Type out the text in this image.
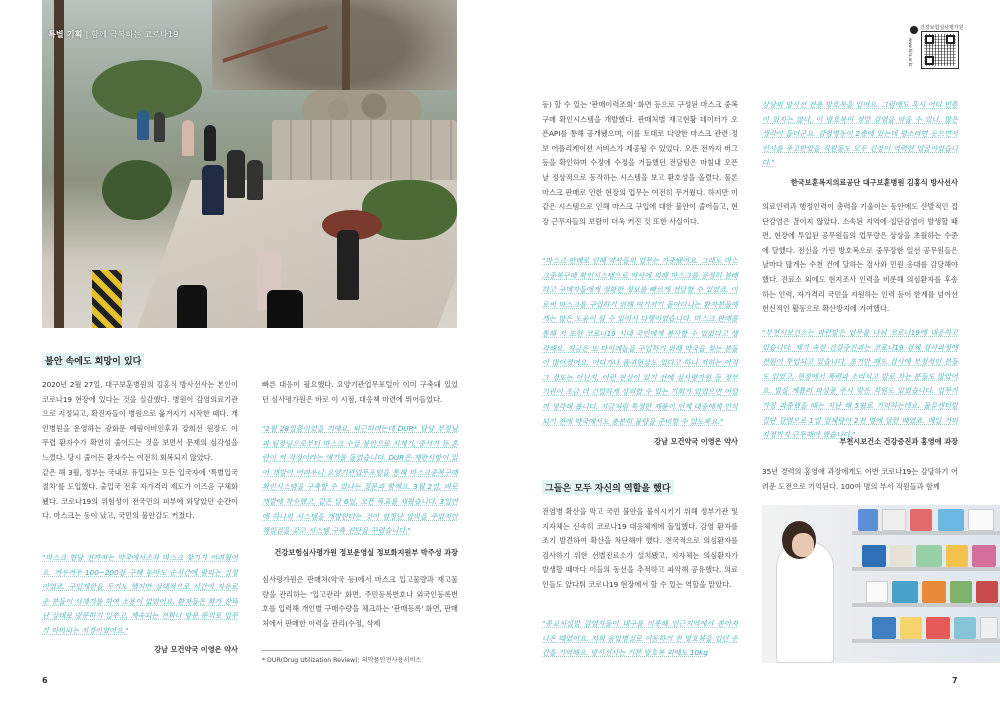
특별 기획 | 함께 극복하는 코로나19
불안 속에도 희망이 있다

2020년 2월 27일, 대구보훈병원의 김홍식 방사선사는 본인이 코로나19 현장에 있다는 것을 실감했다. 병원이 감염의료기관으로 지정되고, 확진자들이 병원으로 옮겨지기 시작한 때다. 개인병원을 운영하는 광화문 예림이비인후과 강희선 원장도 이 무렵 환자수가 확연히 줄어드는 것을 보면서 문제의 심각성을 느꼈다. 당시 줄어든 환자수는 여전히 회복되지 않았다.

같은 해 3월, 정부는 국내로 유입되는 모든 입국자에 '특별입국절차'를 도입했다. 출입국 전후 자가격리 제도가 이즈음 구체화 됐다. 코로나19의 위험성이 전국민의 피부에 와닿았던 순간이다. 마스크는 동이 났고, 국민의 불안감도 커졌다.

"마스크 협당 전까지는 약국에서조차 마스크 찾기가 어려웠어요. 겨우겨우 100~200장 구해 놓아도 순식간에 팔리는 실정이었죠. 구입제한을 두기도 했지만 상대적으로 시간이 자유로운 분들이 사재기를 하여 소용이 없었어요. 환자들은 화가 잔뜩 난 상태로 방문하기 일쑤고, 계속되는 전화나 방문 문의로 업무가 마비되는 지경이었어요."
강남 모건약국 이영은 약사
빠른 대응이 필요했다. 요양기관업무포털이 이미 구축돼 있었던 심사평가원은 바로 이 시점, 대응책 마련에 뛰어들었다.
"2월 28일쯤이었을 거예요. 퇴근하려는데 DUR* 담당 부장님과 팀장님으로부터 마스크 수급 불안으로 시재기, 중서기 등 혼란이 커 걱정이라는 얘기를 들었습니다. DUR은 제한사항이 있어 개발이 어려우니 요양기관업무포털을 통해 마스크중복구매 확인시스템을 구축할 수 있냐는 질문과 함께요. 3월 2일, 바로 개발에 착수했고, 같은 달 6일, 오픈 목표를 세웠습니다. 3일만에 하나의 시스템을 개발한다는 것이 엄청난 압박을 주었지만 책임감을 갖고 시스템 구축 진단을 꾸렸습니다."
건강보험심사평가원 정보운영실 정보화지원부 박주성 과장
심사평가원은 판매처(약국 등)에서 마스크 입고물량과 재고물량을 관리하는 '입고관리' 화면, 주민등록번호나 외국인등록번호를 입력해 개인별 구매수량을 체크하는 '판매등록' 화면, 판매처에서 판매한 이력을 관리(수정, 삭제
* DUR(Drug Utilization Review): 의약품안전사용서비스
6
건강보험심사평가원
www.hira.or.kr
등) 할 수 있는 '판매이력조회' 화면 등으로 구성된 마스크 중복구매 확인시스템을 개발했다. 판매처별 재고현황 데이터가 오픈API를 통해 공개됐으며, 이를 토대로 다양한 마스크 관련 정보 어플리케이션 서비스가 제공될 수 있었다. 오픈 전까지 버그 등을 확인하며 수정에 수정을 거듭했던 전담팀은 마침내 오픈 날 정상적으로 동작하는 시스템을 보고 환호성을 올렸다. 물론 마스크 판매로 인한 현장의 업무는 여전히 무거웠다. 하지만 이같은 시스템으로 인해 마스크 구입에 대한 불안이 줄어들고, 현장 근무자들의 보람이 더욱 커진 것 또한 사실이다.
"마스크 판매로 인해 약사들의 업무는 가중됐어요. 그래도 마스크중복구매 확인시스템으로 약사에 의해 마스크를 공정히 분배하고 구매자들에게 정확한 정보를 빠르게 전달할 수 있었죠. 이로써 마스크를 구입하기 위해 여기저기 돌아다니는 환자분들에게는 많은 도움이 될 수 있어서 다행이었습니다. 마스크 판매를 통해 저 또한 코로나19 시대 국민에게 봉사할 수 있었다고 생각해요. 지금은 또 타이레놀을 구입하기 위해 약국을 찾는 분들이 많아졌어요. 어디가나 품귀현상도 있다고 하니 저희는 아직 그 정도는 아닌지, 이런 현상이 있기 전에 심사평가원 등 정부기관이 조금 더 긴밀하게 상의할 수 있는 기회가 있었으면 어떨까 생각해 봅니다. 지금처럼 특정한 제품이 언제 대중에게 인식되기 전에 약국에서도 충분히 물량을 준비할 수 있도록요."
강남 모건약국 이영은 약사
그들은 모두 자신의 역할을 했다
전염병 확산을 막고 국민 불안을 불식시키기 위해 정부기관 및 지자체는 신속히 코로나19 대응체계에 돌입했다. 감염 환자를 조기 발견하여 확산을 차단해야 했다. 전국적으로 의심환자를 검사하기 위한 선별진료소가 설치됐고, 지자체는 의심환자가 발생할 때마다 이들의 동선을 추적하고 파악해 공유했다. 의료인들도 앞다퉈 코로나19 현장에서 할 수 있는 역할을 맡았다.
"종교시설발 감염자들이 대구를 비롯해 인근지역에서 쏟아져 나온 때였어요. 저희 음압병실로 이동하기 전 방호복을 입던 순간을 기억해요. 방사선사는 기본 방호복 외에도 10kg
상당의 방사선 전용 방호복을 입어요. 그럼에도 혹시 어디 빈틈이 있지는 않나, 이 방호복이 정말 감염을 막을 수 있나, 많은 생각이 들더군요. 감염병동이 2층에 있는데 평소라면 웃으면서 인사를 주고받았을 직원들도 모두 긴장이 역력한 얼굴이었습니다."
한국보훈복지의료공단 대구보훈병원 김홍식 방사선사
의료인력과 행정인력이 총력을 기울이는 동안에도 산발적인 집단감염은 끊이지 않았다. 소속된 지역에 집단감염이 발생할 때면, 현장에 투입된 공무원들의 업무량은 상상을 초월하는 수준에 달했다. 전신을 가린 방호복으로 중무장한 일선 공무원들은 날마다 많게는 수천 건에 달하는 검사와 민원 응대를 감당해야 했다. 진료소 외에도 현지조사 인력을 비롯해 의심환자를 후송하는 인력, 자가격리 국민을 지원하는 인력 등이 한계를 넘어선 헌신적인 활동으로 확산방지에 기여했다.
"부천시보건소는 파란밭은 업무를 나눠 코로나19에 대응하고 있습니다. 제가 속한 건강증진과는 코로나19 검체 검사과정에 전원이 투입되고 있습니다. 초기만 해도 검사에 부정적인 분들도 있었고, 현장에서 폭력과 소리치고 발로 차는 분들도 많았어요. 발을 계룔러 파상풍 주사 맞은 직원도 있었습니다. 업무가 가장 과중했을 때는 지난 해 5월로 기억하는데요. 물류센터발 집단 감염으로 1일 검체량이 2천 명에 달한 때였죠. 매일 거의 자정까지 근무해야 했습니다."
부천시보건소 건강증진과 홍영애 과장
35년 경력의 홍영애 과장에게도 이번 코로나19는 감당하기 어려운 도전으로 기억된다. 100여 명의 부서 직원들과 함께
7
